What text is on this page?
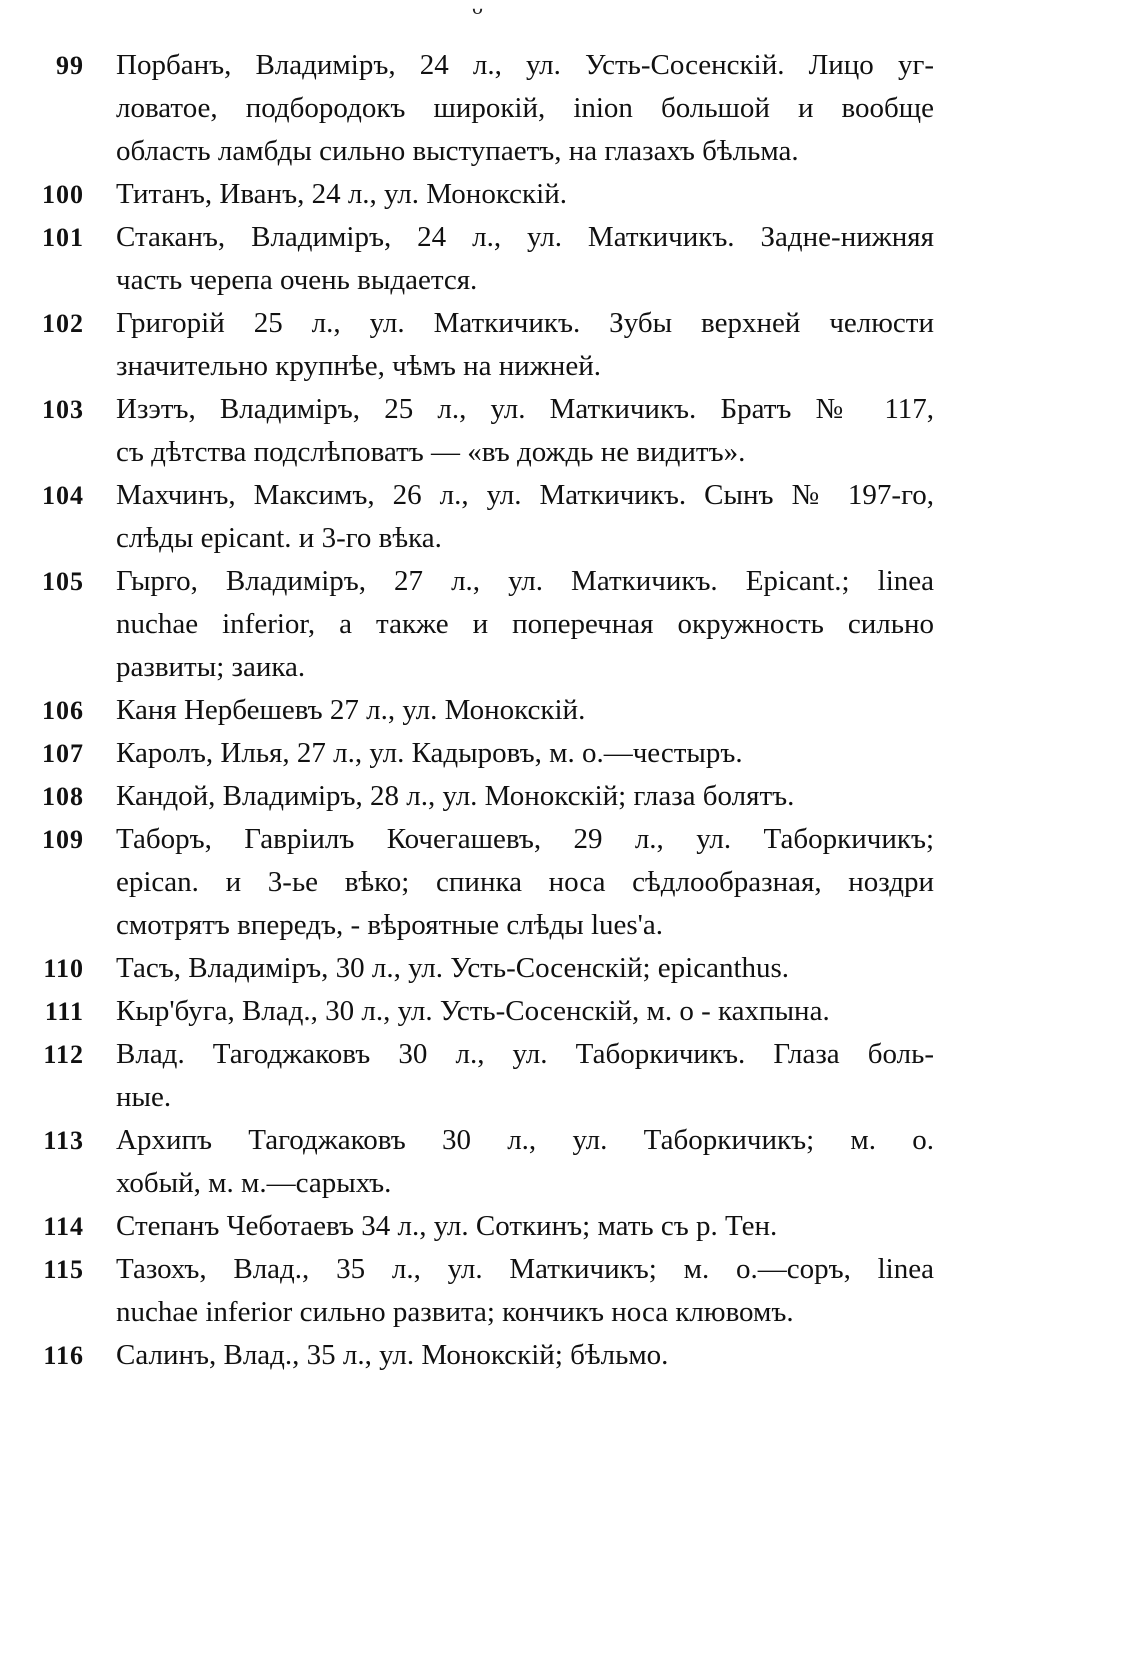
ᴗ
99	Порбанъ, Владиміръ, 24 л., ул. Усть-Сосенскій. Лицо уг-
ловатое, подбородокъ широкій, inion большой и вообще
область ламбды сильно выступаетъ, на глазахъ бѣльма.
100	Титанъ, Иванъ, 24 л., ул. Монокскій.
101	Стаканъ, Владиміръ, 24 л., ул. Маткичикъ. Задне-нижняя
часть черепа очень выдается.
102	Григорій 25 л., ул. Маткичикъ. Зубы верхней челюсти
значительно крупнѣе, чѣмъ на нижней.
103	Изэтъ, Владиміръ, 25 л., ул. Маткичикъ. Братъ № 117,
съ дѣтства подслѣповатъ — «въ дождь не видитъ».
104	Махчинъ, Максимъ, 26 л., ул. Маткичикъ. Сынъ № 197-го,
слѣды epicant. и 3-го вѣка.
105	Гырго, Владиміръ, 27 л., ул. Маткичикъ. Epicant.; linea
nuchae inferior, а также и поперечная окружность сильно
развиты; заика.
106	Каня Нербешевъ 27 л., ул. Монокскій.
107	Каролъ, Илья, 27 л., ул. Кадыровъ, м. о.—честыръ.
108	Кандой, Владиміръ, 28 л., ул. Монокскій; глаза болятъ.
109	Таборъ, Гавріилъ Кочегашевъ, 29 л., ул. Таборкичикъ;
epican. и 3-ье вѣко; спинка носа сѣдлообразная, ноздри
смотрятъ впередъ, - вѣроятные слѣды lues'а.
110	Тасъ, Владиміръ, 30 л., ул. Усть-Сосенскій; epicanthus.
111	Кыр'буга, Влад., 30 л., ул. Усть-Сосенскій, м. о - кахпына.
112	Влад. Тагоджаковъ 30 л., ул. Таборкичикъ. Глаза боль-
ные.
113	Архипъ Тагоджаковъ 30 л., ул. Таборкичикъ; м. о.
хобый, м. м.—сарыхъ.
114	Степанъ Чеботаевъ 34 л., ул. Соткинъ; мать съ р. Тен.
115	Тазохъ, Влад., 35 л., ул. Маткичикъ; м. о.—соръ, linea
nuchae inferior сильно развита; кончикъ носа клювомъ.
116	Салинъ, Влад., 35 л., ул. Монокскій; бѣльмо.
